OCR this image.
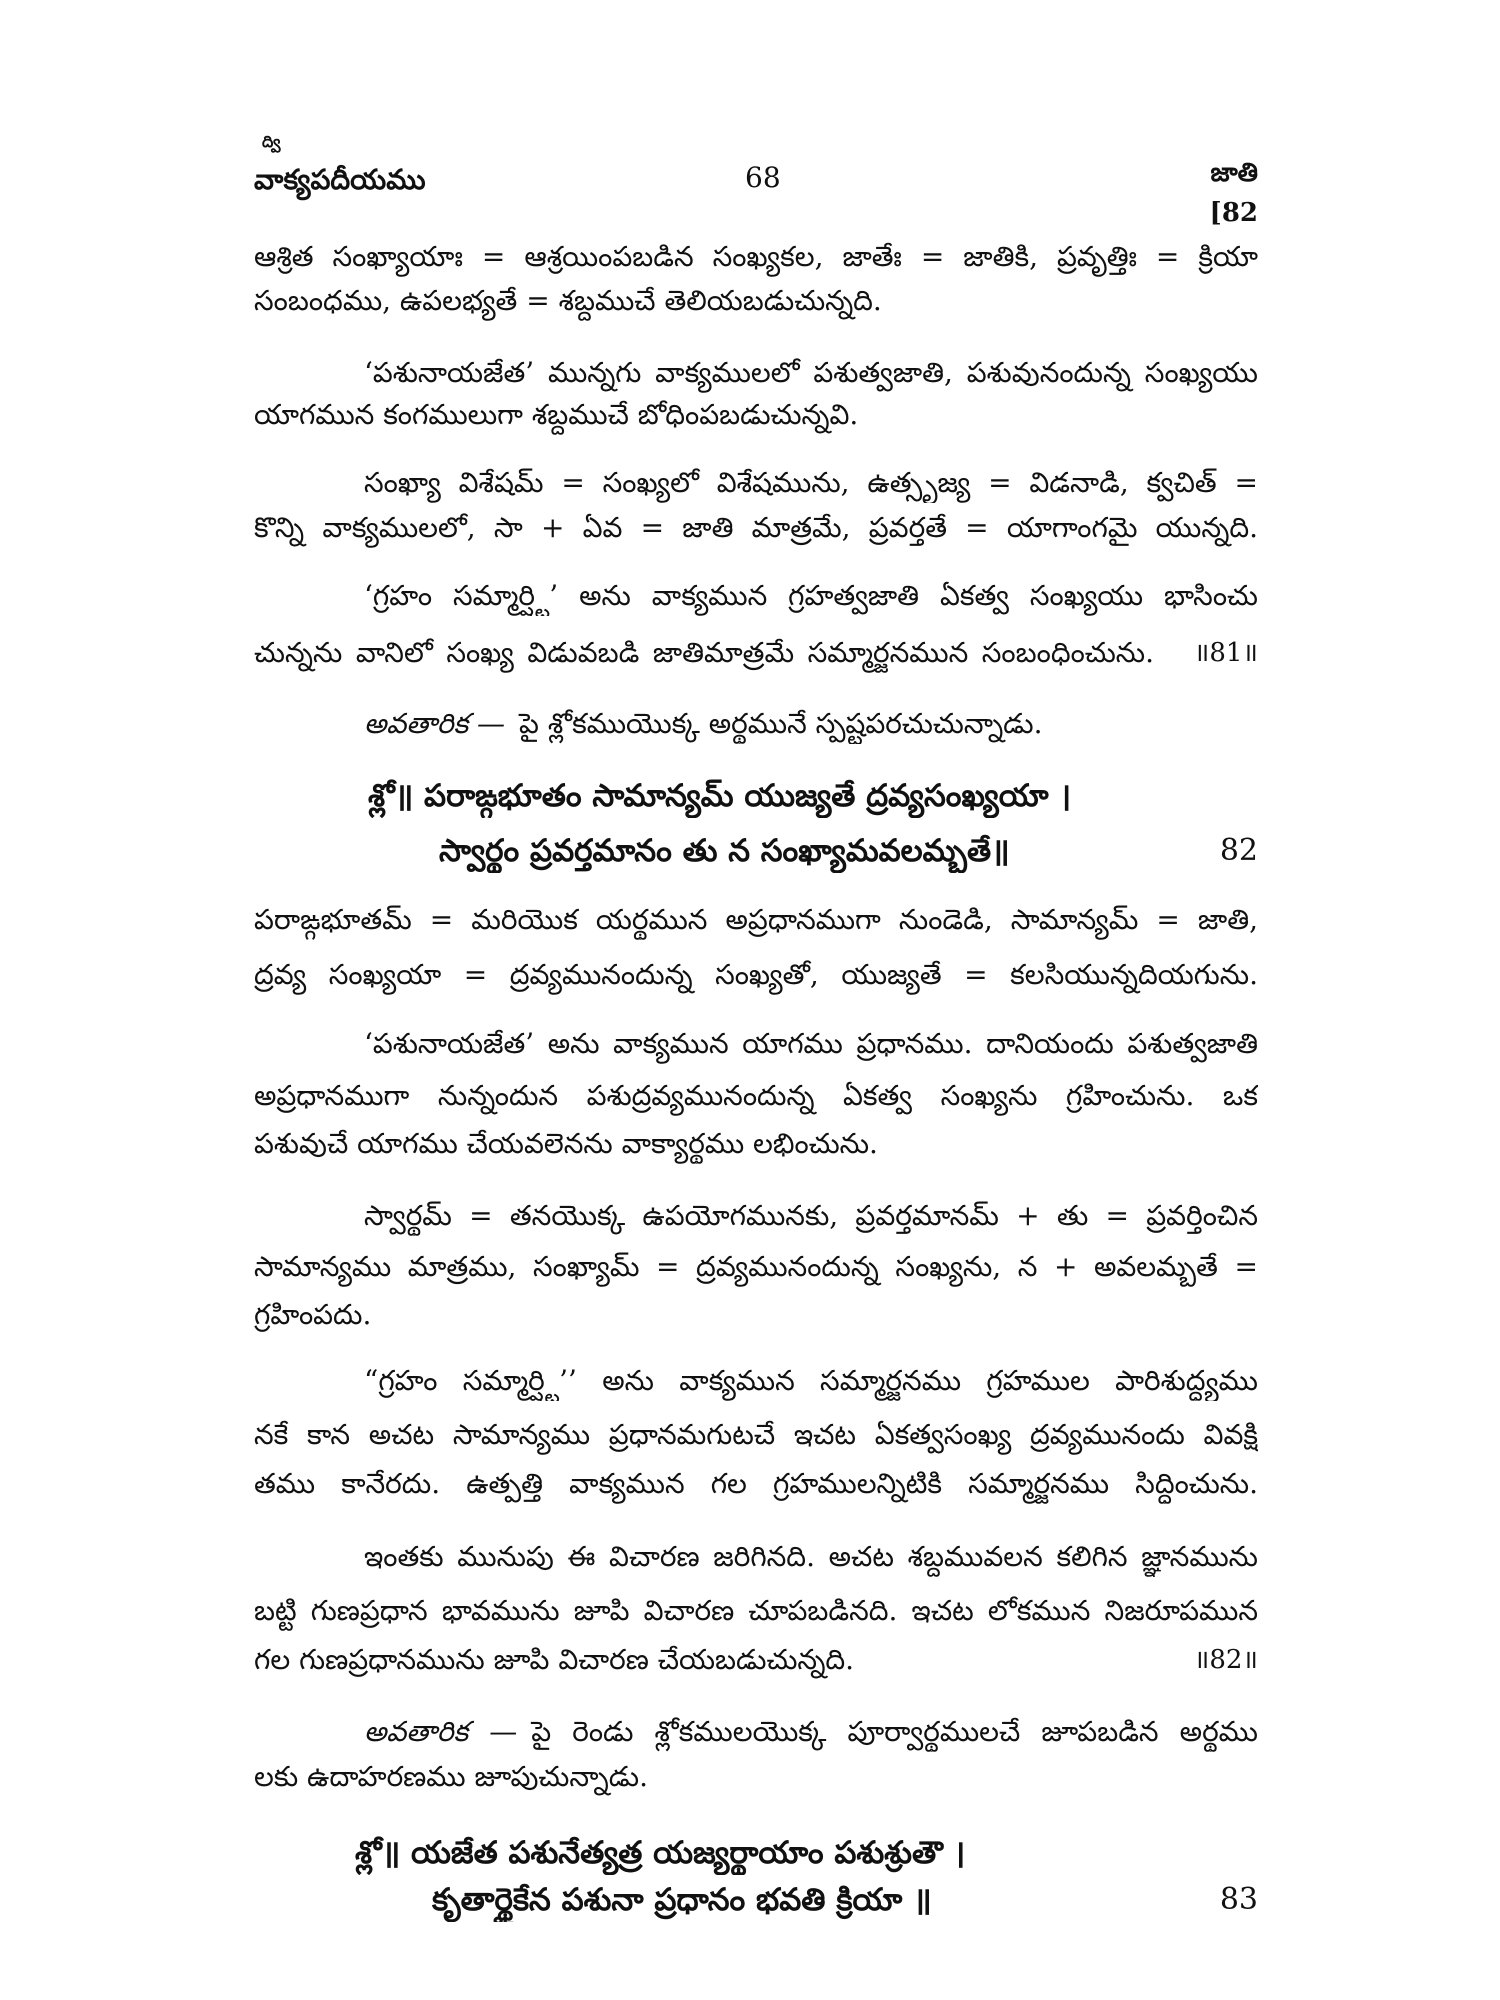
ద్వి
వాక్యపదీయము	68	జాతి
[82
ఆశ్రిత సంఖ్యాయాః = ఆశ్రయింపబడిన సంఖ్యకల, జాతేః = జాతికి, ప్రవృత్తిః = క్రియా
సంబంధము, ఉపలభ్యతే = శబ్దముచే తెలియబడుచున్నది.
‘పశునాయజేత’ మున్నగు వాక్యములలో పశుత్వజాతి, పశువునందున్న సంఖ్యయు
యాగమున కంగములుగా శబ్దముచే బోధింపబడుచున్నవి.
సంఖ్యా విశేషమ్ = సంఖ్యలో విశేషమును, ఉత్సృజ్య = విడనాడి, క్వచిత్ =
కొన్ని వాక్యములలో, సా + ఏవ = జాతి మాత్రమే, ప్రవర్తతే = యాగాంగమై యున్నది.
‘గ్రహం సమ్మార్ష్టి’ అను వాక్యమున గ్రహత్వజాతి ఏకత్వ సంఖ్యయు భాసించు
చున్నను వానిలో సంఖ్య విడువబడి జాతిమాత్రమే సమ్మార్జనమున సంబంధించును.	॥81॥
అవతారిక — పై శ్లోకముయొక్క అర్థమునే స్పష్టపరచుచున్నాడు.
శ్లో॥ పరాఙ్గభూతం సామాన్యమ్ యుజ్యతే ద్రవ్యసంఖ్యయా ।
స్వార్థం ప్రవర్తమానం తు న సంఖ్యామవలమ్బతే॥	82
పరాఙ్గభూతమ్ = మరియొక యర్థమున అప్రధానముగా నుండెడి, సామాన్యమ్ = జాతి,
ద్రవ్య సంఖ్యయా = ద్రవ్యమునందున్న సంఖ్యతో, యుజ్యతే = కలసియున్నదియగును.
‘పశునాయజేత’ అను వాక్యమున యాగము ప్రధానము. దానియందు పశుత్వజాతి
అప్రధానముగా నున్నందున పశుద్రవ్యమునందున్న ఏకత్వ సంఖ్యను గ్రహించును. ఒక
పశువుచే యాగము చేయవలెనను వాక్యార్థము లభించును.
స్వార్థమ్ = తనయొక్క ఉపయోగమునకు, ప్రవర్తమానమ్ + తు = ప్రవర్తించిన
సామాన్యము మాత్రము, సంఖ్యామ్ = ద్రవ్యమునందున్న సంఖ్యను, న + అవలమ్బతే =
గ్రహింపదు.
“గ్రహం సమ్మార్ష్టి’’ అను వాక్యమున సమ్మార్జనము గ్రహముల పారిశుద్ధ్యము
నకే కాన అచట సామాన్యము ప్రధానమగుటచే ఇచట ఏకత్వసంఖ్య ద్రవ్యమునందు వివక్షి
తము కానేరదు. ఉత్పత్తి వాక్యమున గల గ్రహములన్నిటికి సమ్మార్జనము సిద్ధించును.
ఇంతకు మునుపు ఈ విచారణ జరిగినది. అచట శబ్దమువలన కలిగిన జ్ఞానమును
బట్టి గుణప్రధాన భావమును జూపి విచారణ చూపబడినది. ఇచట లోకమున నిజరూపమున
గల గుణప్రధానమును జూపి విచారణ చేయబడుచున్నది.	॥82॥
అవతారిక — పై రెండు శ్లోకములయొక్క పూర్వార్థములచే జూపబడిన అర్థము
లకు ఉదాహరణము జూపుచున్నాడు.
శ్లో॥ యజేత పశునేత్యత్ర యజ్యర్థాయాం పశుశ్రుతౌ ।
కృతార్థైకేన పశునా ప్రధానం భవతి క్రియా ॥	83
